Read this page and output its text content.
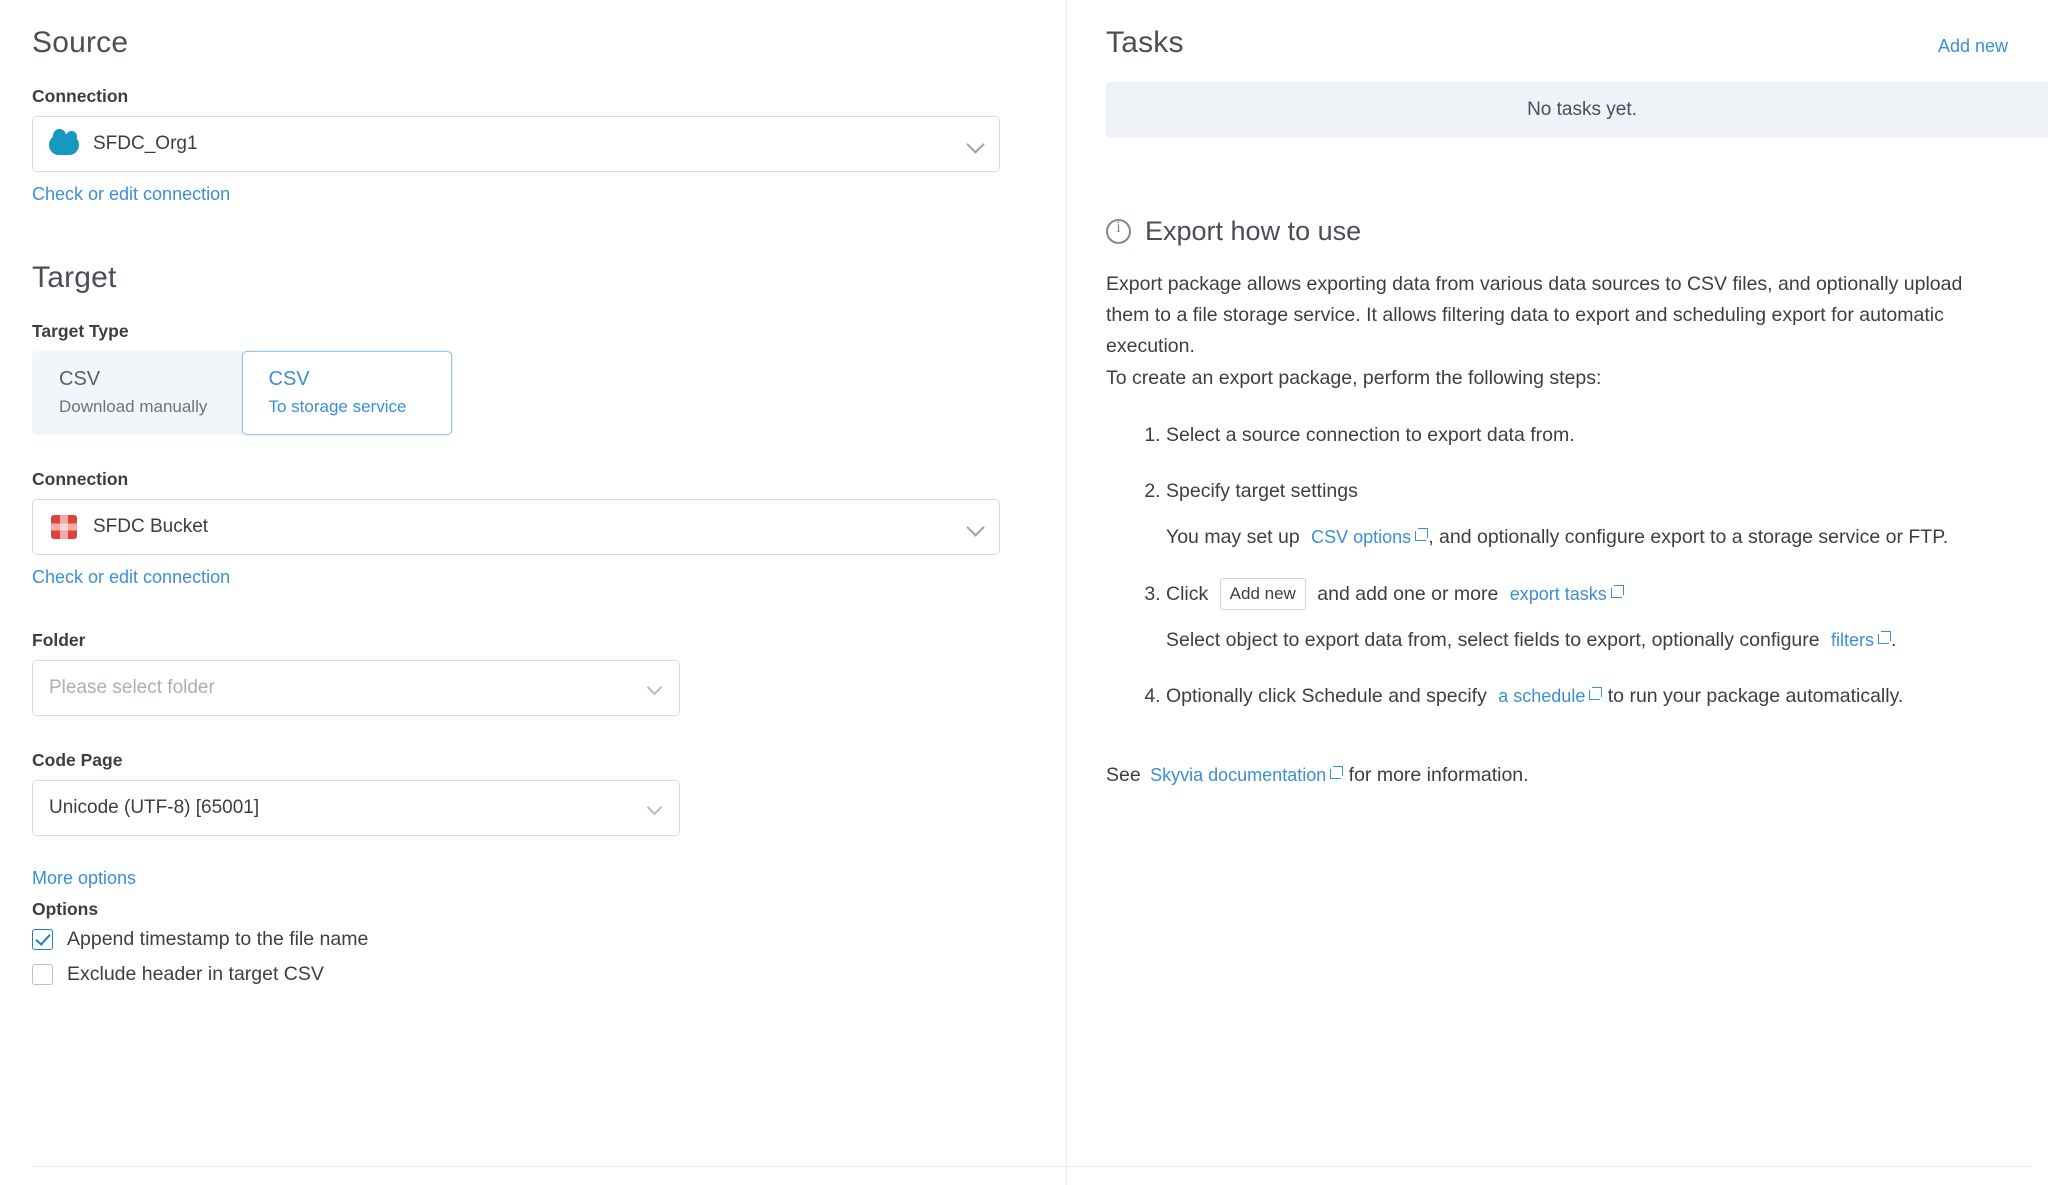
Source
Connection
SFDC_Org1
Check or edit connection
Target
Target Type
CSV
Download manually
CSV
To storage service
Connection
SFDC Bucket
Check or edit connection
Folder
Please select folder
Code Page
Unicode (UTF-8) [65001]
More options
Options
Append timestamp to the file name
Exclude header in target CSV
Tasks	Add new
No tasks yet.
i
Export how to use

Export package allows exporting data from various data sources to CSV files, and optionally upload them to a file storage service. It allows filtering data to export and scheduling export for automatic execution.

To create an export package, perform the following steps:

1. Select a source connection to export data from.
2. Specify target settings
You may set up CSV options , and optionally configure export to a storage service or FTP.
3. Click Add new and add one or more export tasks
Select object to export data from, select fields to export, optionally configure filters .
4. Optionally click Schedule and specify a schedule to run your package automatically.
See Skyvia documentation for more information.
